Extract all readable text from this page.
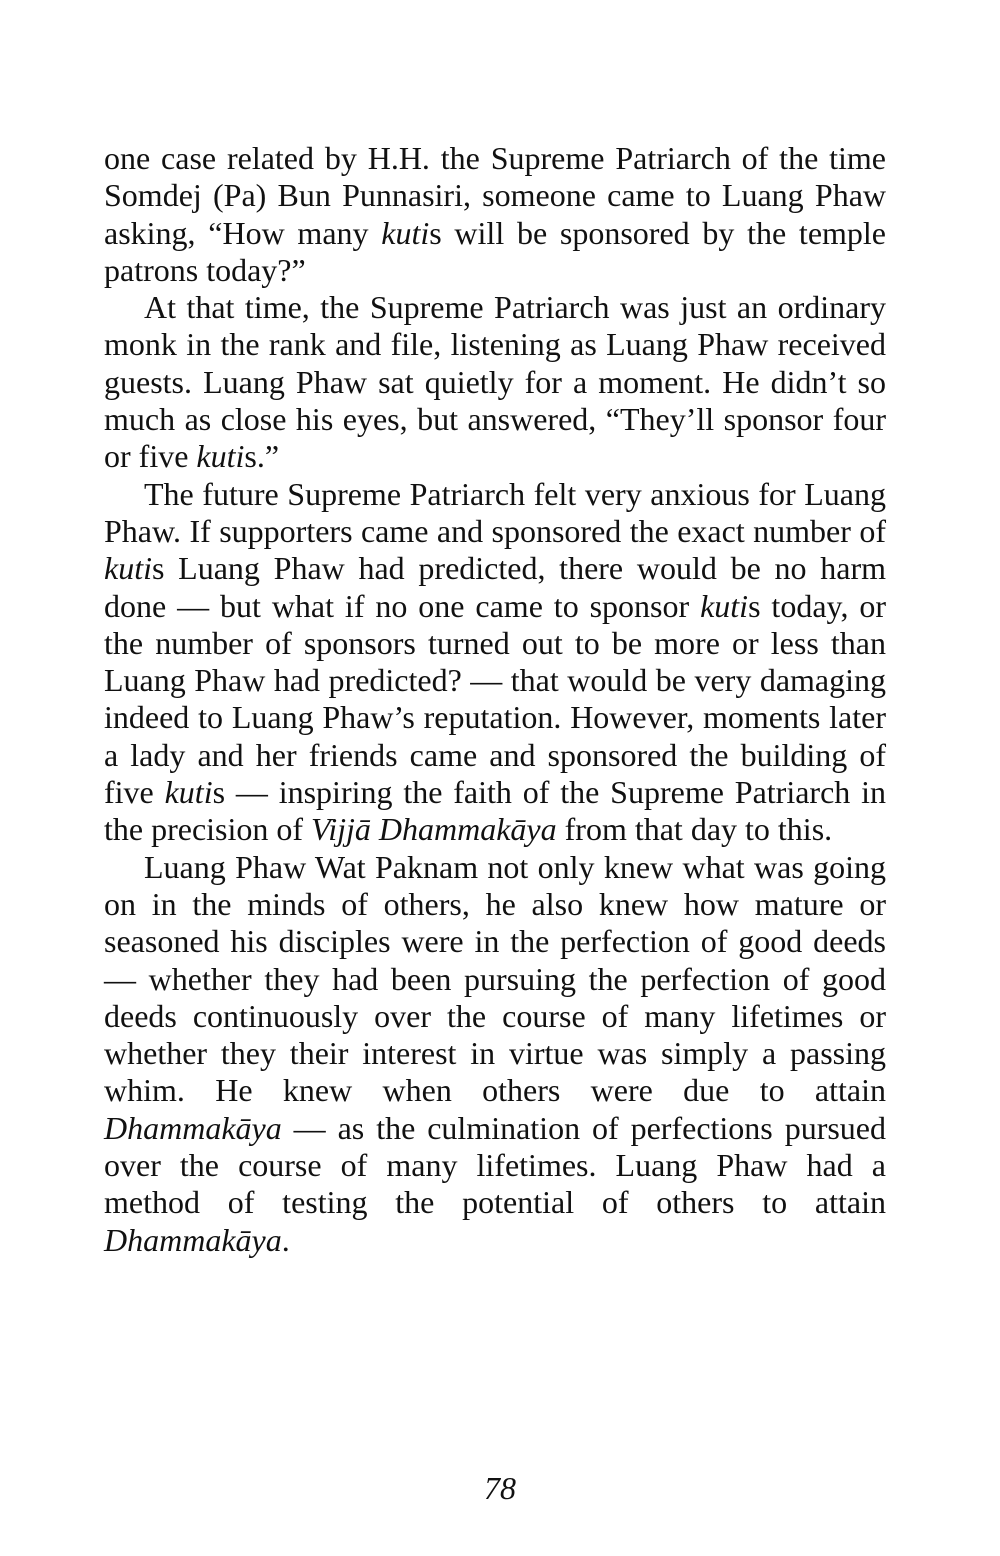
one case related by H.H. the Supreme Patriarch of the time Somdej (Pa) Bun Punnasiri, someone came to Luang Phaw asking, “How many kutis will be sponsored by the temple patrons today?”

At that time, the Supreme Patriarch was just an ordinary monk in the rank and file, listening as Luang Phaw received guests. Luang Phaw sat quietly for a moment. He didn’t so much as close his eyes, but answered, “They’ll sponsor four or five kutis.”

The future Supreme Patriarch felt very anxious for Luang Phaw. If supporters came and sponsored the exact number of kutis Luang Phaw had predicted, there would be no harm done — but what if no one came to sponsor kutis today, or the number of sponsors turned out to be more or less than Luang Phaw had predicted? — that would be very damaging indeed to Luang Phaw’s reputation. However, moments later a lady and her friends came and sponsored the building of five kutis — inspiring the faith of the Supreme Patriarch in the precision of Vijjā Dhammakāya from that day to this.

Luang Phaw Wat Paknam not only knew what was going on in the minds of others, he also knew how mature or seasoned his disciples were in the perfection of good deeds — whether they had been pursuing the perfection of good deeds continuously over the course of many lifetimes or whether they their interest in virtue was simply a passing whim. He knew when others were due to attain Dhammakāya — as the culmination of perfections pursued over the course of many lifetimes. Luang Phaw had a method of testing the potential of others to attain Dhammakāya.

78
